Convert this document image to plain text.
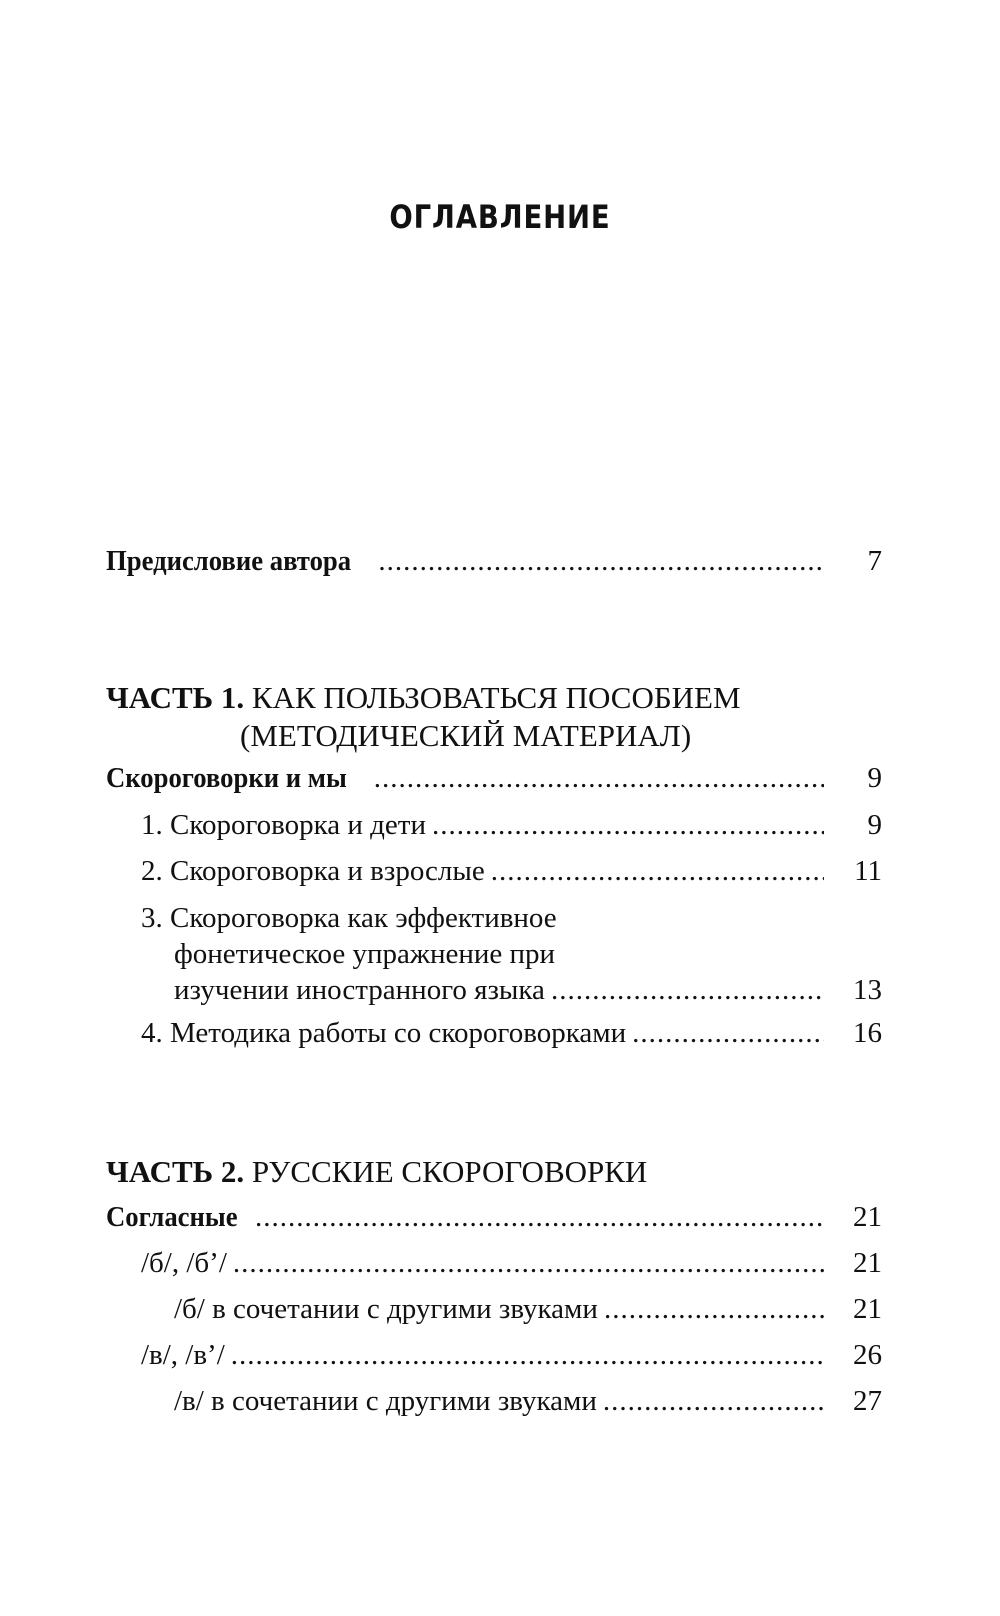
ОГЛАВЛЕНИЕ
Предисловие автора .....	7
ЧАСТЬ 1. КАК ПОЛЬЗОВАТЬСЯ ПОСОБИЕМ
(МЕТОДИЧЕСКИЙ МАТЕРИАЛ)
Скороговорки и мы .....	9
1. Скороговорка и дети .....	9
2. Скороговорка и взрослые .....	11
3. Скороговорка как эффективное
фонетическое упражнение при
изучении иностранного языка .....	13
4. Методика работы со скороговорками .....	16
ЧАСТЬ 2. РУССКИЕ СКОРОГОВОРКИ
Согласные .....	21
/б/, /б’/ .....	21
/б/ в сочетании с другими звуками .....	21
/в/, /в’/ .....	26
/в/ в сочетании с другими звуками .....	27
